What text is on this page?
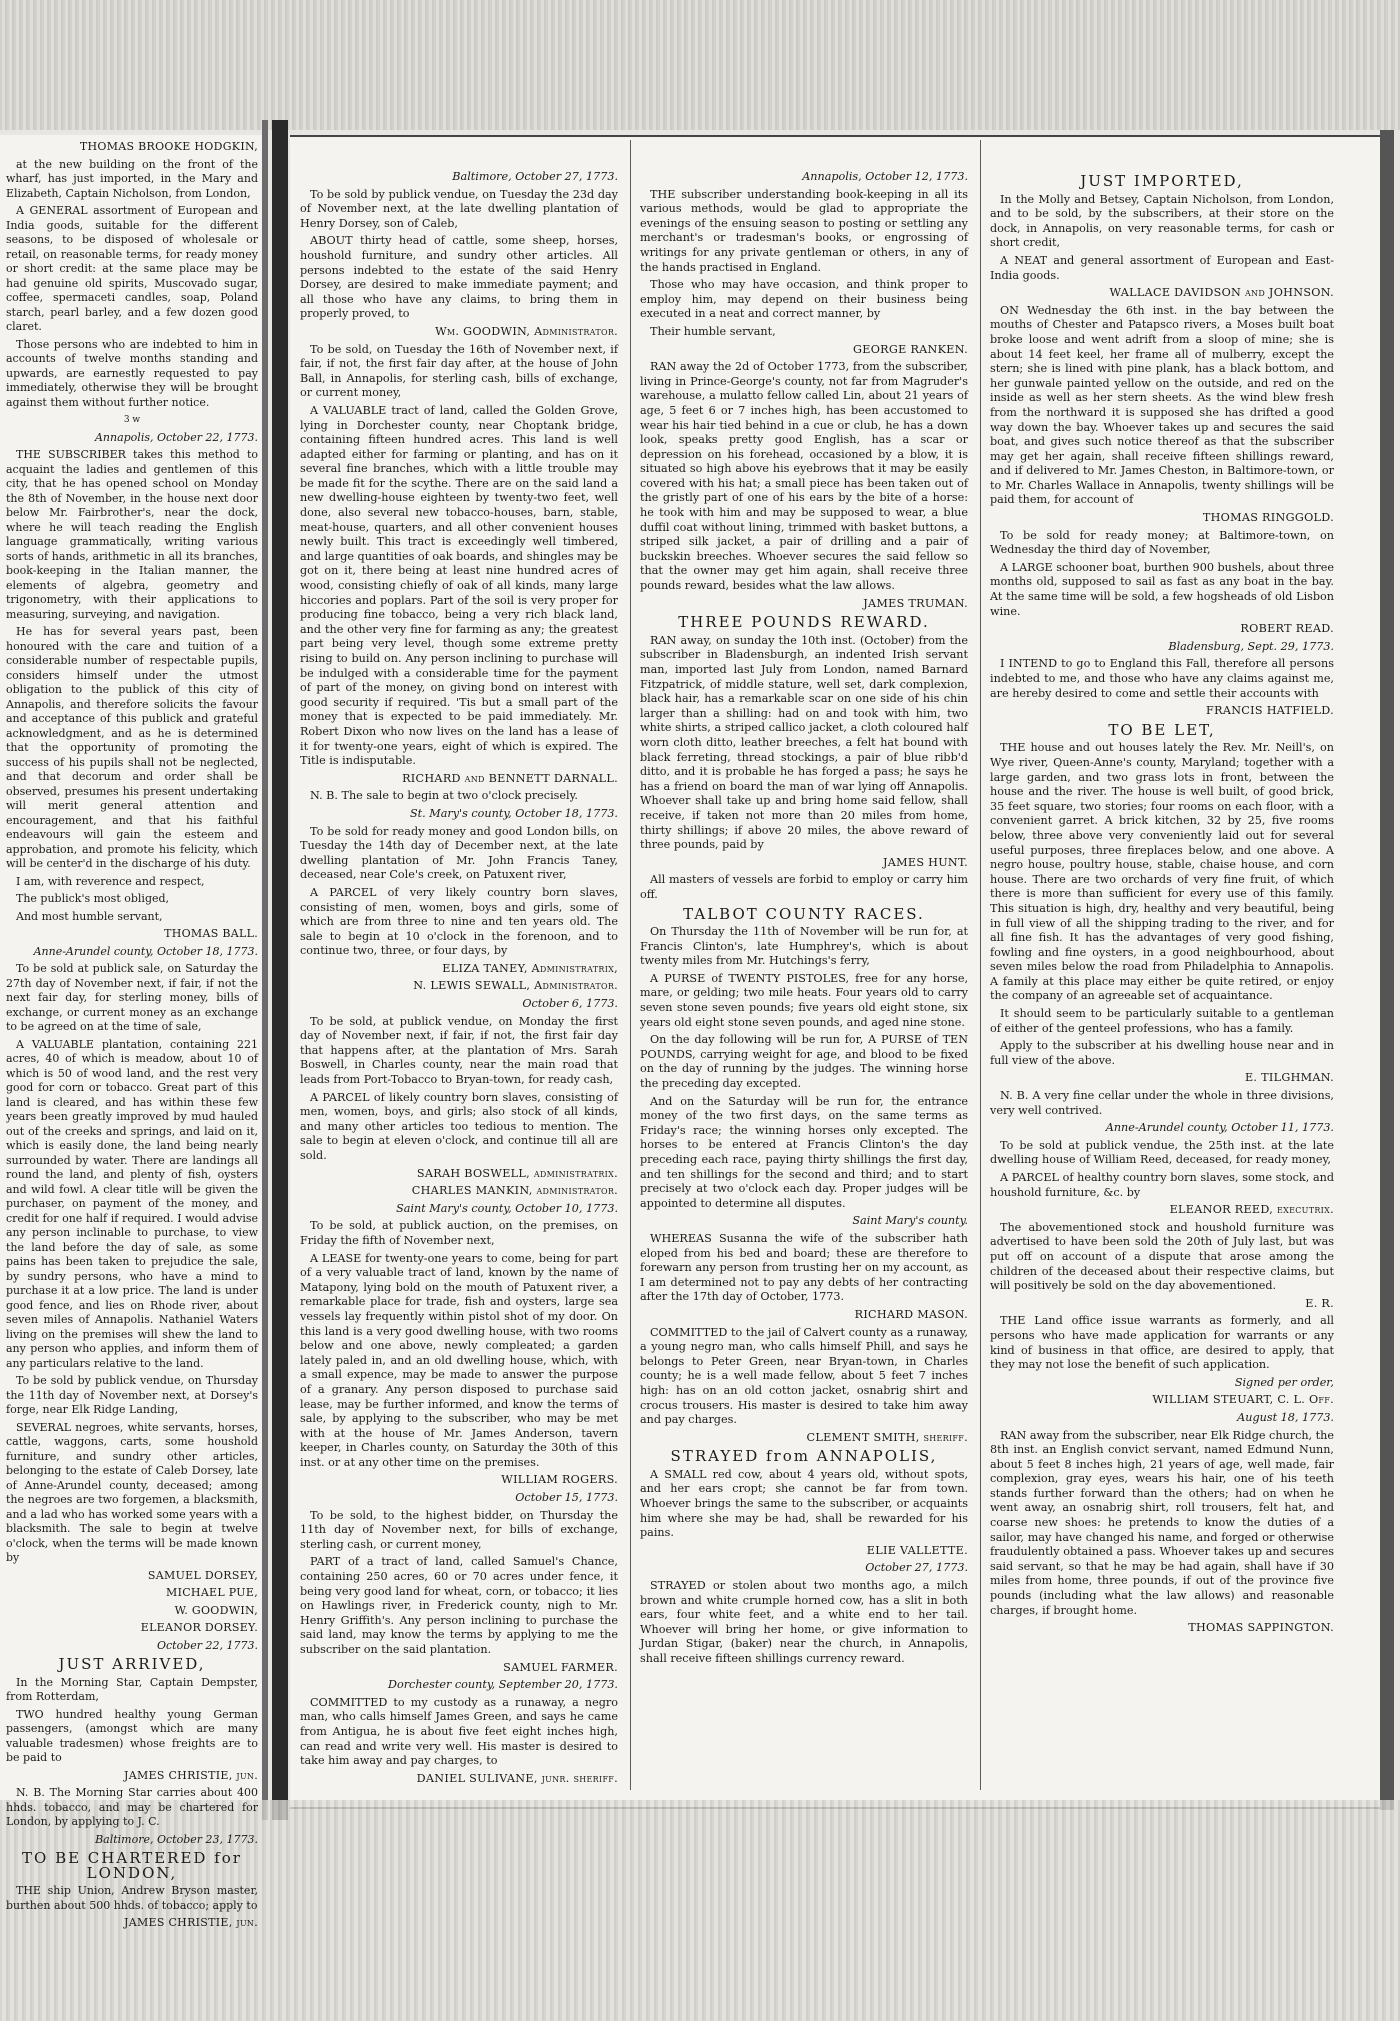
THOMAS BROOKE HODGKIN,

at the new building on the front of the wharf, has just imported, in the Mary and Elizabeth, Captain Nicholson, from London,

A GENERAL assortment of European and India goods, suitable for the different seasons, to be disposed of wholesale or retail, on reasonable terms, for ready money or short credit: at the same place may be had genuine old spirits, Muscovado sugar, coffee, spermaceti candles, soap, Poland starch, pearl barley, and a few dozen good claret.

Those persons who are indebted to him in accounts of twelve months standing and upwards, are earnestly requested to pay immediately, otherwise they will be brought against them without further notice.

3 w

Annapolis, October 22, 1773.

THE SUBSCRIBER takes this method to acquaint the ladies and gentlemen of this city, that he has opened school on Monday the 8th of November, in the house next door below Mr. Fairbrother's, near the dock, where he will teach reading the English language grammatically, writing various sorts of hands, arithmetic in all its branches, book-keeping in the Italian manner, the elements of algebra, geometry and trigonometry, with their applications to measuring, surveying, and navigation.

He has for several years past, been honoured with the care and tuition of a considerable number of respectable pupils, considers himself under the utmost obligation to the publick of this city of Annapolis, and therefore solicits the favour and acceptance of this publick and grateful acknowledgment, and as he is determined that the opportunity of promoting the success of his pupils shall not be neglected, and that decorum and order shall be observed, presumes his present undertaking will merit general attention and encouragement, and that his faithful endeavours will gain the esteem and approbation, and promote his felicity, which will be center'd in the discharge of his duty.

I am, with reverence and respect,

The publick's most obliged,

And most humble servant,

THOMAS BALL.

Anne-Arundel county, October 18, 1773.

To be sold at publick sale, on Saturday the 27th day of November next, if fair, if not the next fair day, for sterling money, bills of exchange, or current money as an exchange to be agreed on at the time of sale,

A VALUABLE plantation, containing 221 acres, 40 of which is meadow, about 10 of which is 50 of wood land, and the rest very good for corn or tobacco. Great part of this land is cleared, and has within these few years been greatly improved by mud hauled out of the creeks and springs, and laid on it, which is easily done, the land being nearly surrounded by water. There are landings all round the land, and plenty of fish, oysters and wild fowl. A clear title will be given the purchaser, on payment of the money, and credit for one half if required. I would advise any person inclinable to purchase, to view the land before the day of sale, as some pains has been taken to prejudice the sale, by sundry persons, who have a mind to purchase it at a low price. The land is under good fence, and lies on Rhode river, about seven miles of Annapolis. Nathaniel Waters living on the premises will shew the land to any person who applies, and inform them of any particulars relative to the land.

To be sold by publick vendue, on Thursday the 11th day of November next, at Dorsey's forge, near Elk Ridge Landing,

SEVERAL negroes, white servants, horses, cattle, waggons, carts, some houshold furniture, and sundry other articles, belonging to the estate of Caleb Dorsey, late of Anne-Arundel county, deceased; among the negroes are two forgemen, a blacksmith, and a lad who has worked some years with a blacksmith. The sale to begin at twelve o'clock, when the terms will be made known by

SAMUEL DORSEY,

MICHAEL PUE,

W. GOODWIN,

ELEANOR DORSEY.

October 22, 1773.

JUST ARRIVED,

In the Morning Star, Captain Dempster, from Rotterdam,

TWO hundred healthy young German passengers, (amongst which are many valuable tradesmen) whose freights are to be paid to

JAMES CHRISTIE, jun.

N. B. The Morning Star carries about 400 hhds. tobacco, and may be chartered for London, by applying to J. C.

Baltimore, October 23, 1773.

TO BE CHARTERED for LONDON,

THE ship Union, Andrew Bryson master, burthen about 500 hhds. of tobacco; apply to

JAMES CHRISTIE, jun.

Baltimore, October 27, 1773.

To be sold by publick vendue, on Tuesday the 23d day of November next, at the late dwelling plantation of Henry Dorsey, son of Caleb,

ABOUT thirty head of cattle, some sheep, horses, houshold furniture, and sundry other articles. All persons indebted to the estate of the said Henry Dorsey, are desired to make immediate payment; and all those who have any claims, to bring them in properly proved, to

Wm. GOODWIN, Administrator.

To be sold, on Tuesday the 16th of November next, if fair, if not, the first fair day after, at the house of John Ball, in Annapolis, for sterling cash, bills of exchange, or current money,

A VALUABLE tract of land, called the Golden Grove, lying in Dorchester county, near Choptank bridge, containing fifteen hundred acres. This land is well adapted either for farming or planting, and has on it several fine branches, which with a little trouble may be made fit for the scythe. There are on the said land a new dwelling-house eighteen by twenty-two feet, well done, also several new tobacco-houses, barn, stable, meat-house, quarters, and all other convenient houses newly built. This tract is exceedingly well timbered, and large quantities of oak boards, and shingles may be got on it, there being at least nine hundred acres of wood, consisting chiefly of oak of all kinds, many large hiccories and poplars. Part of the soil is very proper for producing fine tobacco, being a very rich black land, and the other very fine for farming as any; the greatest part being very level, though some extreme pretty rising to build on. Any person inclining to purchase will be indulged with a considerable time for the payment of part of the money, on giving bond on interest with good security if required. 'Tis but a small part of the money that is expected to be paid immediately. Mr. Robert Dixon who now lives on the land has a lease of it for twenty-one years, eight of which is expired. The Title is indisputable.

RICHARD and BENNETT DARNALL.

N. B. The sale to begin at two o'clock precisely.

St. Mary's county, October 18, 1773.

To be sold for ready money and good London bills, on Tuesday the 14th day of December next, at the late dwelling plantation of Mr. John Francis Taney, deceased, near Cole's creek, on Patuxent river,

A PARCEL of very likely country born slaves, consisting of men, women, boys and girls, some of which are from three to nine and ten years old. The sale to begin at 10 o'clock in the forenoon, and to continue two, three, or four days, by

ELIZA TANEY, Administratrix,

N. LEWIS SEWALL, Administrator.

October 6, 1773.

To be sold, at publick vendue, on Monday the first day of November next, if fair, if not, the first fair day that happens after, at the plantation of Mrs. Sarah Boswell, in Charles county, near the main road that leads from Port-Tobacco to Bryan-town, for ready cash,

A PARCEL of likely country born slaves, consisting of men, women, boys, and girls; also stock of all kinds, and many other articles too tedious to mention. The sale to begin at eleven o'clock, and continue till all are sold.

SARAH BOSWELL, administratrix.

CHARLES MANKIN, administrator.

Saint Mary's county, October 10, 1773.

To be sold, at publick auction, on the premises, on Friday the fifth of November next,

A LEASE for twenty-one years to come, being for part of a very valuable tract of land, known by the name of Matapony, lying bold on the mouth of Patuxent river, a remarkable place for trade, fish and oysters, large sea vessels lay frequently within pistol shot of my door. On this land is a very good dwelling house, with two rooms below and one above, newly compleated; a garden lately paled in, and an old dwelling house, which, with a small expence, may be made to answer the purpose of a granary. Any person disposed to purchase said lease, may be further informed, and know the terms of sale, by applying to the subscriber, who may be met with at the house of Mr. James Anderson, tavern keeper, in Charles county, on Saturday the 30th of this inst. or at any other time on the premises.

WILLIAM ROGERS.

October 15, 1773.

To be sold, to the highest bidder, on Thursday the 11th day of November next, for bills of exchange, sterling cash, or current money,

PART of a tract of land, called Samuel's Chance, containing 250 acres, 60 or 70 acres under fence, it being very good land for wheat, corn, or tobacco; it lies on Hawlings river, in Frederick county, nigh to Mr. Henry Griffith's. Any person inclining to purchase the said land, may know the terms by applying to me the subscriber on the said plantation.

SAMUEL FARMER.

Dorchester county, September 20, 1773.

COMMITTED to my custody as a runaway, a negro man, who calls himself James Green, and says he came from Antigua, he is about five feet eight inches high, can read and write very well. His master is desired to take him away and pay charges, to

DANIEL SULIVANE, junr. sheriff.

Annapolis, October 12, 1773.

THE subscriber understanding book-keeping in all its various methods, would be glad to appropriate the evenings of the ensuing season to posting or settling any merchant's or tradesman's books, or engrossing of writings for any private gentleman or others, in any of the hands practised in England.

Those who may have occasion, and think proper to employ him, may depend on their business being executed in a neat and correct manner, by

Their humble servant,

GEORGE RANKEN.

RAN away the 2d of October 1773, from the subscriber, living in Prince-George's county, not far from Magruder's warehouse, a mulatto fellow called Lin, about 21 years of age, 5 feet 6 or 7 inches high, has been accustomed to wear his hair tied behind in a cue or club, he has a down look, speaks pretty good English, has a scar or depression on his forehead, occasioned by a blow, it is situated so high above his eyebrows that it may be easily covered with his hat; a small piece has been taken out of the gristly part of one of his ears by the bite of a horse: he took with him and may be supposed to wear, a blue duffil coat without lining, trimmed with basket buttons, a striped silk jacket, a pair of drilling and a pair of buckskin breeches. Whoever secures the said fellow so that the owner may get him again, shall receive three pounds reward, besides what the law allows.

JAMES TRUMAN.

THREE POUNDS REWARD.

RAN away, on sunday the 10th inst. (October) from the subscriber in Bladensburgh, an indented Irish servant man, imported last July from London, named Barnard Fitzpatrick, of middle stature, well set, dark complexion, black hair, has a remarkable scar on one side of his chin larger than a shilling: had on and took with him, two white shirts, a striped callico jacket, a cloth coloured half worn cloth ditto, leather breeches, a felt hat bound with black ferreting, thread stockings, a pair of blue ribb'd ditto, and it is probable he has forged a pass; he says he has a friend on board the man of war lying off Annapolis. Whoever shall take up and bring home said fellow, shall receive, if taken not more than 20 miles from home, thirty shillings; if above 20 miles, the above reward of three pounds, paid by

JAMES HUNT.

All masters of vessels are forbid to employ or carry him off.

TALBOT COUNTY RACES.

On Thursday the 11th of November will be run for, at Francis Clinton's, late Humphrey's, which is about twenty miles from Mr. Hutchings's ferry,

A PURSE of TWENTY PISTOLES, free for any horse, mare, or gelding; two mile heats. Four years old to carry seven stone seven pounds; five years old eight stone, six years old eight stone seven pounds, and aged nine stone.

On the day following will be run for, A PURSE of TEN POUNDS, carrying weight for age, and blood to be fixed on the day of running by the judges. The winning horse the preceding day excepted.

And on the Saturday will be run for, the entrance money of the two first days, on the same terms as Friday's race; the winning horses only excepted. The horses to be entered at Francis Clinton's the day preceding each race, paying thirty shillings the first day, and ten shillings for the second and third; and to start precisely at two o'clock each day. Proper judges will be appointed to determine all disputes.

Saint Mary's county.

WHEREAS Susanna the wife of the subscriber hath eloped from his bed and board; these are therefore to forewarn any person from trusting her on my account, as I am determined not to pay any debts of her contracting after the 17th day of October, 1773.

RICHARD MASON.

COMMITTED to the jail of Calvert county as a runaway, a young negro man, who calls himself Phill, and says he belongs to Peter Green, near Bryan-town, in Charles county; he is a well made fellow, about 5 feet 7 inches high: has on an old cotton jacket, osnabrig shirt and crocus trousers. His master is desired to take him away and pay charges.

CLEMENT SMITH, sheriff.

STRAYED from ANNAPOLIS,

A SMALL red cow, about 4 years old, without spots, and her ears cropt; she cannot be far from town. Whoever brings the same to the subscriber, or acquaints him where she may be had, shall be rewarded for his pains.

ELIE VALLETTE.

October 27, 1773.

STRAYED or stolen about two months ago, a milch brown and white crumple horned cow, has a slit in both ears, four white feet, and a white end to her tail. Whoever will bring her home, or give information to Jurdan Stigar, (baker) near the church, in Annapolis, shall receive fifteen shillings currency reward.

JUST IMPORTED,

In the Molly and Betsey, Captain Nicholson, from London, and to be sold, by the subscribers, at their store on the dock, in Annapolis, on very reasonable terms, for cash or short credit,

A NEAT and general assortment of European and East-India goods.

WALLACE DAVIDSON and JOHNSON.

ON Wednesday the 6th inst. in the bay between the mouths of Chester and Patapsco rivers, a Moses built boat broke loose and went adrift from a sloop of mine; she is about 14 feet keel, her frame all of mulberry, except the stern; she is lined with pine plank, has a black bottom, and her gunwale painted yellow on the outside, and red on the inside as well as her stern sheets. As the wind blew fresh from the northward it is supposed she has drifted a good way down the bay. Whoever takes up and secures the said boat, and gives such notice thereof as that the subscriber may get her again, shall receive fifteen shillings reward, and if delivered to Mr. James Cheston, in Baltimore-town, or to Mr. Charles Wallace in Annapolis, twenty shillings will be paid them, for account of

THOMAS RINGGOLD.

To be sold for ready money; at Baltimore-town, on Wednesday the third day of November,

A LARGE schooner boat, burthen 900 bushels, about three months old, supposed to sail as fast as any boat in the bay. At the same time will be sold, a few hogsheads of old Lisbon wine.

ROBERT READ.

Bladensburg, Sept. 29, 1773.

I INTEND to go to England this Fall, therefore all persons indebted to me, and those who have any claims against me, are hereby desired to come and settle their accounts with

FRANCIS HATFIELD.

TO BE LET,

THE house and out houses lately the Rev. Mr. Neill's, on Wye river, Queen-Anne's county, Maryland; together with a large garden, and two grass lots in front, between the house and the river. The house is well built, of good brick, 35 feet square, two stories; four rooms on each floor, with a convenient garret. A brick kitchen, 32 by 25, five rooms below, three above very conveniently laid out for several useful purposes, three fireplaces below, and one above. A negro house, poultry house, stable, chaise house, and corn house. There are two orchards of very fine fruit, of which there is more than sufficient for every use of this family. This situation is high, dry, healthy and very beautiful, being in full view of all the shipping trading to the river, and for all fine fish. It has the advantages of very good fishing, fowling and fine oysters, in a good neighbourhood, about seven miles below the road from Philadelphia to Annapolis. A family at this place may either be quite retired, or enjoy the company of an agreeable set of acquaintance.

It should seem to be particularly suitable to a gentleman of either of the genteel professions, who has a family.

Apply to the subscriber at his dwelling house near and in full view of the above.

E. TILGHMAN.

N. B. A very fine cellar under the whole in three divisions, very well contrived.

Anne-Arundel county, October 11, 1773.

To be sold at publick vendue, the 25th inst. at the late dwelling house of William Reed, deceased, for ready money,

A PARCEL of healthy country born slaves, some stock, and houshold furniture, &c. by

ELEANOR REED, executrix.

The abovementioned stock and houshold furniture was advertised to have been sold the 20th of July last, but was put off on account of a dispute that arose among the children of the deceased about their respective claims, but will positively be sold on the day abovementioned.

E. R.

THE Land office issue warrants as formerly, and all persons who have made application for warrants or any kind of business in that office, are desired to apply, that they may not lose the benefit of such application.

Signed per order,

WILLIAM STEUART, C. L. Off.

August 18, 1773.

RAN away from the subscriber, near Elk Ridge church, the 8th inst. an English convict servant, named Edmund Nunn, about 5 feet 8 inches high, 21 years of age, well made, fair complexion, gray eyes, wears his hair, one of his teeth stands further forward than the others; had on when he went away, an osnabrig shirt, roll trousers, felt hat, and coarse new shoes: he pretends to know the duties of a sailor, may have changed his name, and forged or otherwise fraudulently obtained a pass. Whoever takes up and secures said servant, so that he may be had again, shall have if 30 miles from home, three pounds, if out of the province five pounds (including what the law allows) and reasonable charges, if brought home.

THOMAS SAPPINGTON.
